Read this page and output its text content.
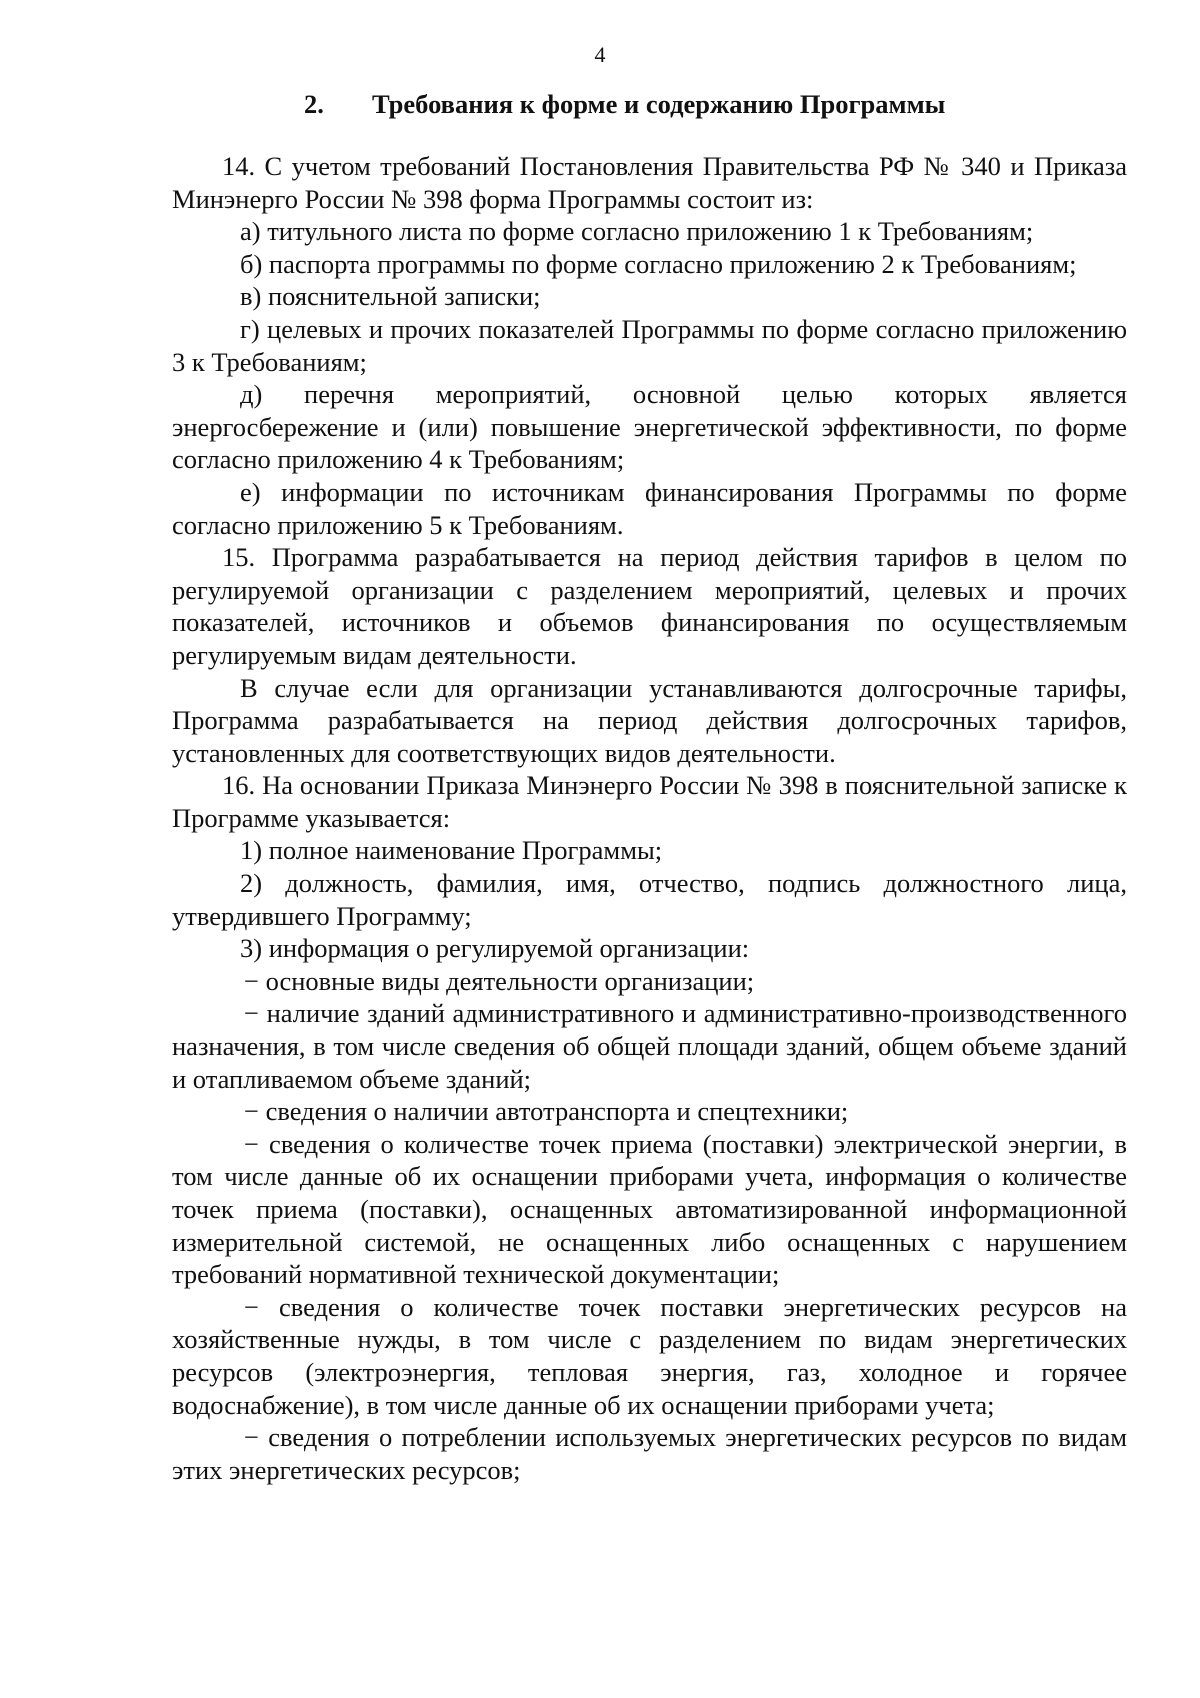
4
2. Требования к форме и содержанию Программы

14. С учетом требований Постановления Правительства РФ № 340 и Приказа Минэнерго России № 398 форма Программы состоит из:

а) титульного листа по форме согласно приложению 1 к Требованиям;

б) паспорта программы по форме согласно приложению 2 к Требованиям;

в) пояснительной записки;

г) целевых и прочих показателей Программы по форме согласно приложению 3 к Требованиям;

д) перечня мероприятий, основной целью которых является энергосбережение и (или) повышение энергетической эффективности, по форме согласно приложению 4 к Требованиям;

е) информации по источникам финансирования Программы по форме согласно приложению 5 к Требованиям.

15. Программа разрабатывается на период действия тарифов в целом по регулируемой организации с разделением мероприятий, целевых и прочих показателей, источников и объемов финансирования по осуществляемым регулируемым видам деятельности.

В случае если для организации устанавливаются долгосрочные тарифы, Программа разрабатывается на период действия долгосрочных тарифов, установленных для соответствующих видов деятельности.

16. На основании Приказа Минэнерго России № 398 в пояснительной записке к Программе указывается:

1) полное наименование Программы;

2) должность, фамилия, имя, отчество, подпись должностного лица, утвердившего Программу;

3) информация о регулируемой организации:

− основные виды деятельности организации;

− наличие зданий административного и административно-производственного назначения, в том числе сведения об общей площади зданий, общем объеме зданий и отапливаемом объеме зданий;

− сведения о наличии автотранспорта и спецтехники;

− сведения о количестве точек приема (поставки) электрической энергии, в том числе данные об их оснащении приборами учета, информация о количестве точек приема (поставки), оснащенных автоматизированной информационной измерительной системой, не оснащенных либо оснащенных с нарушением требований нормативной технической документации;

− сведения о количестве точек поставки энергетических ресурсов на хозяйственные нужды, в том числе с разделением по видам энергетических ресурсов (электроэнергия, тепловая энергия, газ, холодное и горячее водоснабжение), в том числе данные об их оснащении приборами учета;

− сведения о потреблении используемых энергетических ресурсов по видам этих энергетических ресурсов;
